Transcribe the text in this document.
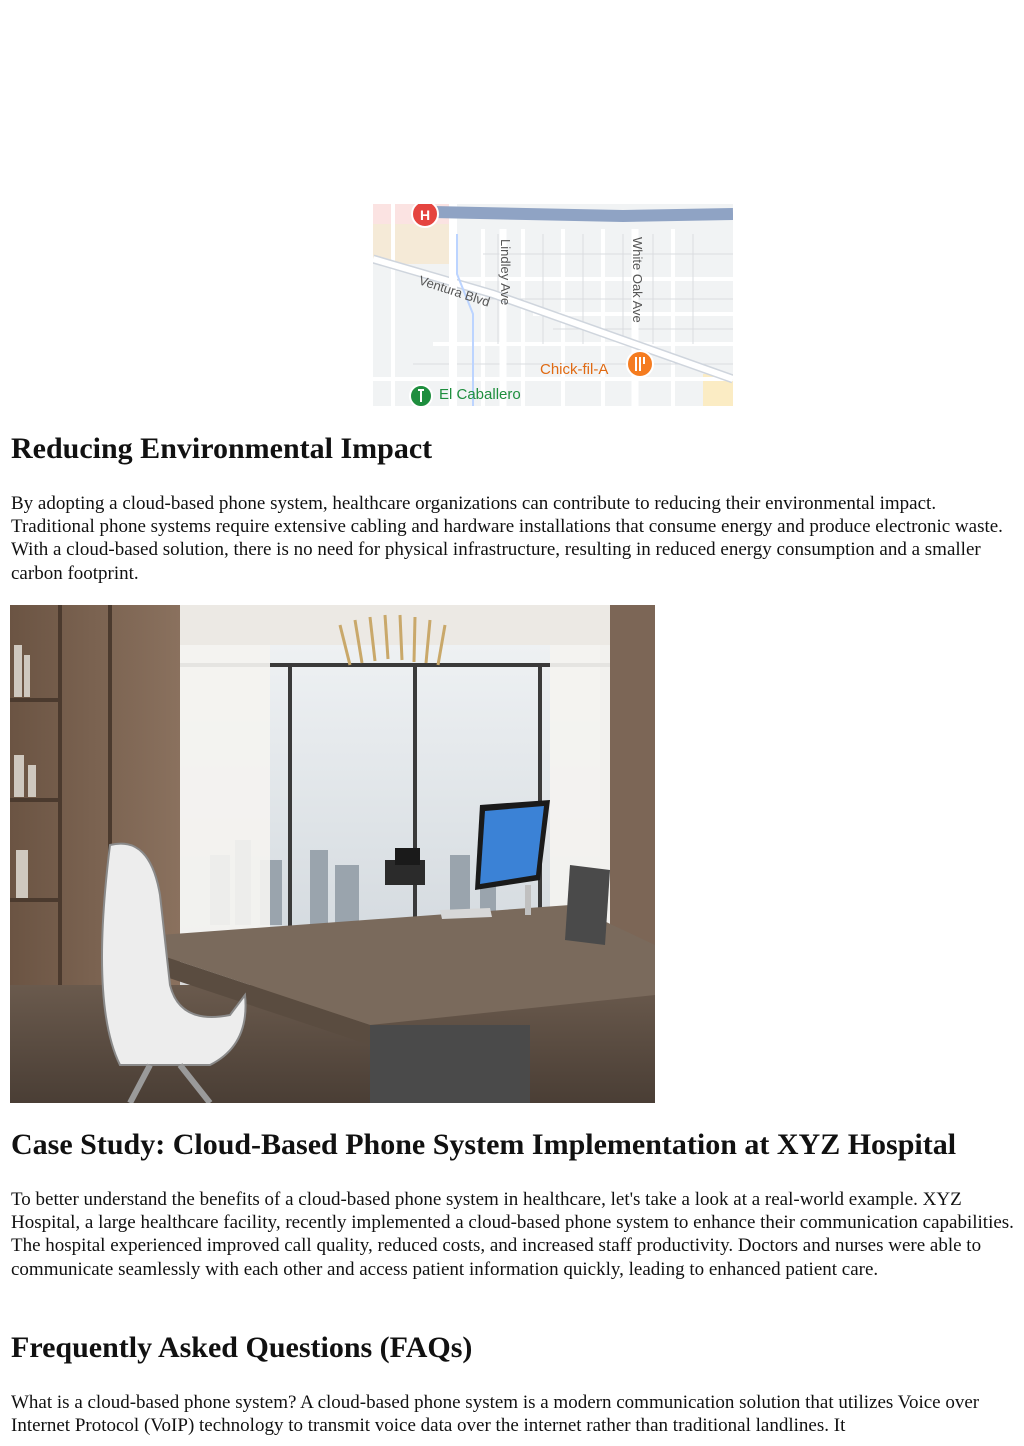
H
Lindley Ave	White Oak Ave
Ventura Blvd
Chick-fil-A
El Caballero
Reducing Environmental Impact

By adopting a cloud-based phone system, healthcare organizations can contribute to reducing their environmental impact. Traditional phone systems require extensive cabling and hardware installations that consume energy and produce electronic waste. With a cloud-based solution, there is no need for physical infrastructure, resulting in reduced energy consumption and a smaller carbon footprint.

Case Study: Cloud-Based Phone System Implementation at XYZ Hospital

To better understand the benefits of a cloud-based phone system in healthcare, let's take a look at a real-world example. XYZ Hospital, a large healthcare facility, recently implemented a cloud-based phone system to enhance their communication capabilities. The hospital experienced improved call quality, reduced costs, and increased staff productivity. Doctors and nurses were able to communicate seamlessly with each other and access patient information quickly, leading to enhanced patient care.

Frequently Asked Questions (FAQs)

What is a cloud-based phone system? A cloud-based phone system is a modern communication solution that utilizes Voice over Internet Protocol (VoIP) technology to transmit voice data over the internet rather than traditional landlines. It
